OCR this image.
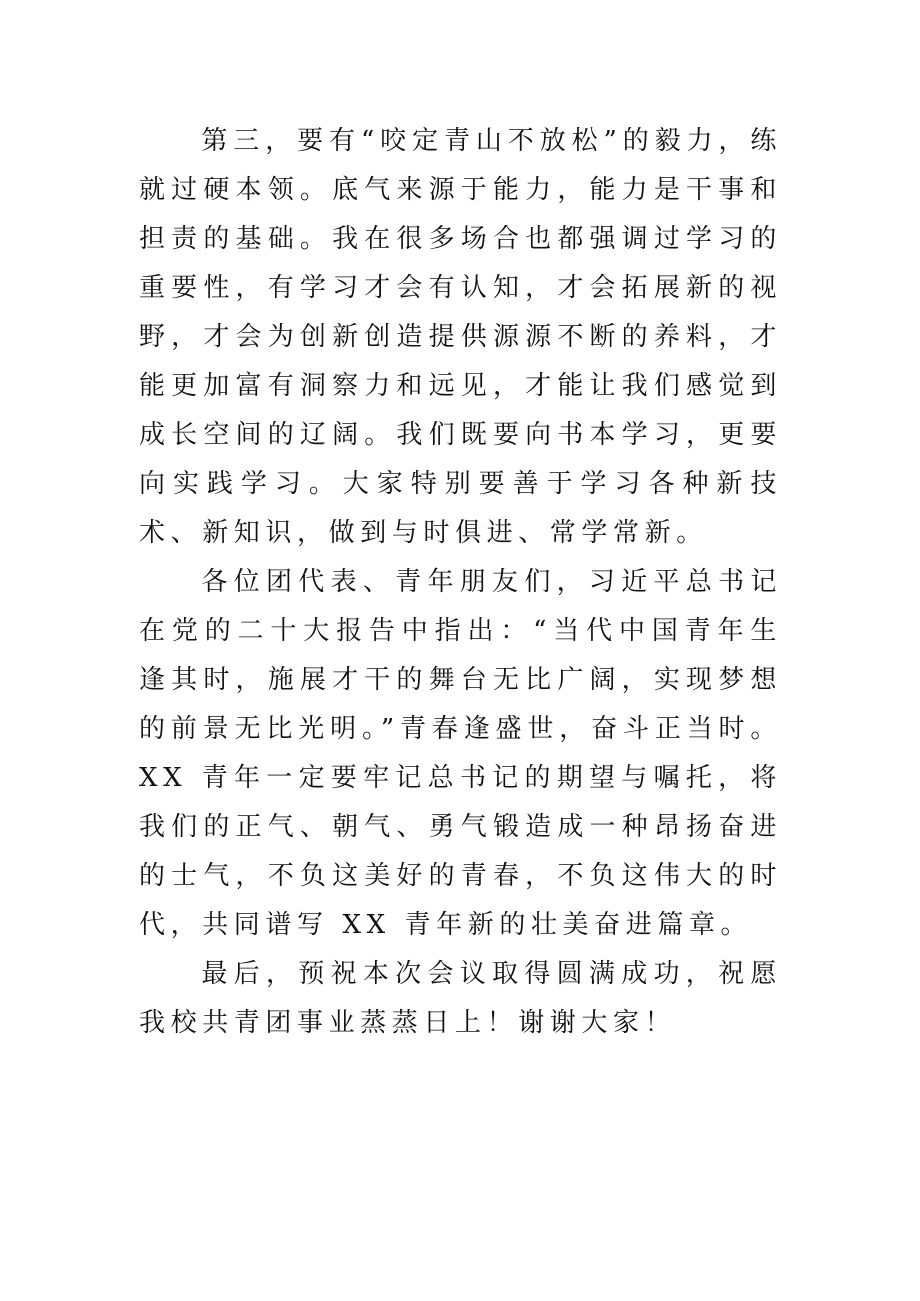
第三，要有“咬定青山不放松”的毅力，练就过硬本领。底气来源于能力，能力是干事和担责的基础。我在很多场合也都强调过学习的重要性，有学习才会有认知，才会拓展新的视野，才会为创新创造提供源源不断的养料，才能更加富有洞察力和远见，才能让我们感觉到成长空间的辽阔。我们既要向书本学习，更要向实践学习。大家特别要善于学习各种新技术、新知识，做到与时俱进、常学常新。

各位团代表、青年朋友们，习近平总书记在党的二十大报告中指出：“当代中国青年生逢其时，施展才干的舞台无比广阔，实现梦想的前景无比光明。”青春逢盛世，奋斗正当时。XX 青年一定要牢记总书记的期望与嘱托，将我们的正气、朝气、勇气锻造成一种昂扬奋进的士气，不负这美好的青春，不负这伟大的时代，共同谱写 XX 青年新的壮美奋进篇章。

最后，预祝本次会议取得圆满成功，祝愿我校共青团事业蒸蒸日上！谢谢大家！
